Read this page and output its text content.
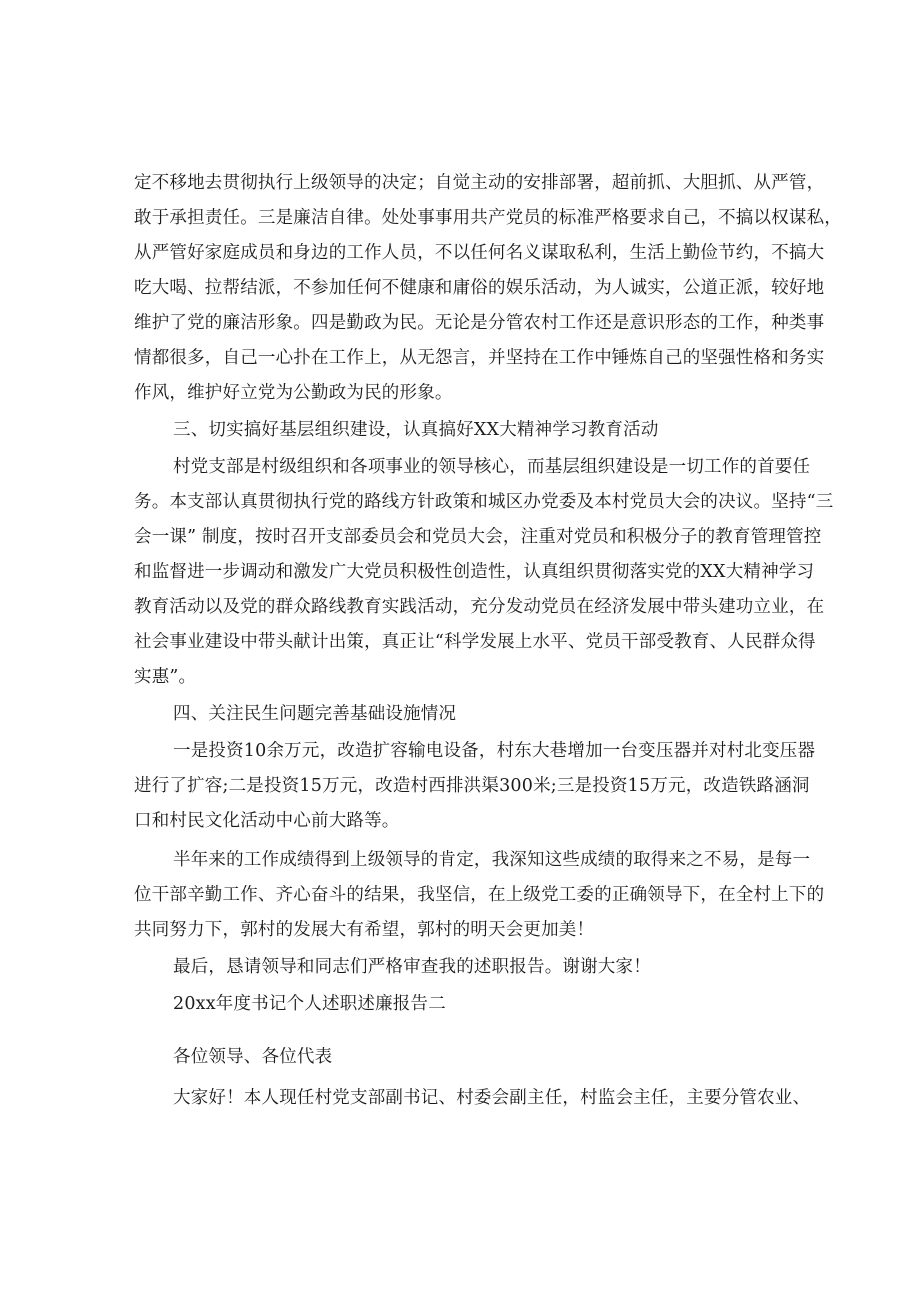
定不移地去贯彻执行上级领导的决定；自觉主动的安排部署，超前抓、大胆抓、从严管，
敢于承担责任。三是廉洁自律。处处事事用共产党员的标准严格要求自己，不搞以权谋私，
从严管好家庭成员和身边的工作人员，不以任何名义谋取私利，生活上勤俭节约，不搞大
吃大喝、拉帮结派，不参加任何不健康和庸俗的娱乐活动，为人诚实，公道正派，较好地
维护了党的廉洁形象。四是勤政为民。无论是分管农村工作还是意识形态的工作，种类事
情都很多，自己一心扑在工作上，从无怨言，并坚持在工作中锤炼自己的坚强性格和务实
作风，维护好立党为公勤政为民的形象。
三、切实搞好基层组织建设，认真搞好XX大精神学习教育活动
村党支部是村级组织和各项事业的领导核心，而基层组织建设是一切工作的首要任
务。本支部认真贯彻执行党的路线方针政策和城区办党委及本村党员大会的决议。坚持“三
会一课” 制度，按时召开支部委员会和党员大会，注重对党员和积极分子的教育管理管控
和监督进一步调动和激发广大党员积极性创造性，认真组织贯彻落实党的XX大精神学习
教育活动以及党的群众路线教育实践活动，充分发动党员在经济发展中带头建功立业，在
社会事业建设中带头献计出策，真正让“科学发展上水平、党员干部受教育、人民群众得
实惠”。
四、关注民生问题完善基础设施情况
一是投资10余万元，改造扩容输电设备，村东大巷增加一台变压器并对村北变压器
进行了扩容;二是投资15万元，改造村西排洪渠300米;三是投资15万元，改造铁路涵洞
口和村民文化活动中心前大路等。
半年来的工作成绩得到上级领导的肯定，我深知这些成绩的取得来之不易，是每一
位干部辛勤工作、齐心奋斗的结果，我坚信，在上级党工委的正确领导下，在全村上下的
共同努力下，郭村的发展大有希望，郭村的明天会更加美！
最后，恳请领导和同志们严格审查我的述职报告。谢谢大家！
20xx年度书记个人述职述廉报告二
各位领导、各位代表
大家好！本人现任村党支部副书记、村委会副主任，村监会主任，主要分管农业、
